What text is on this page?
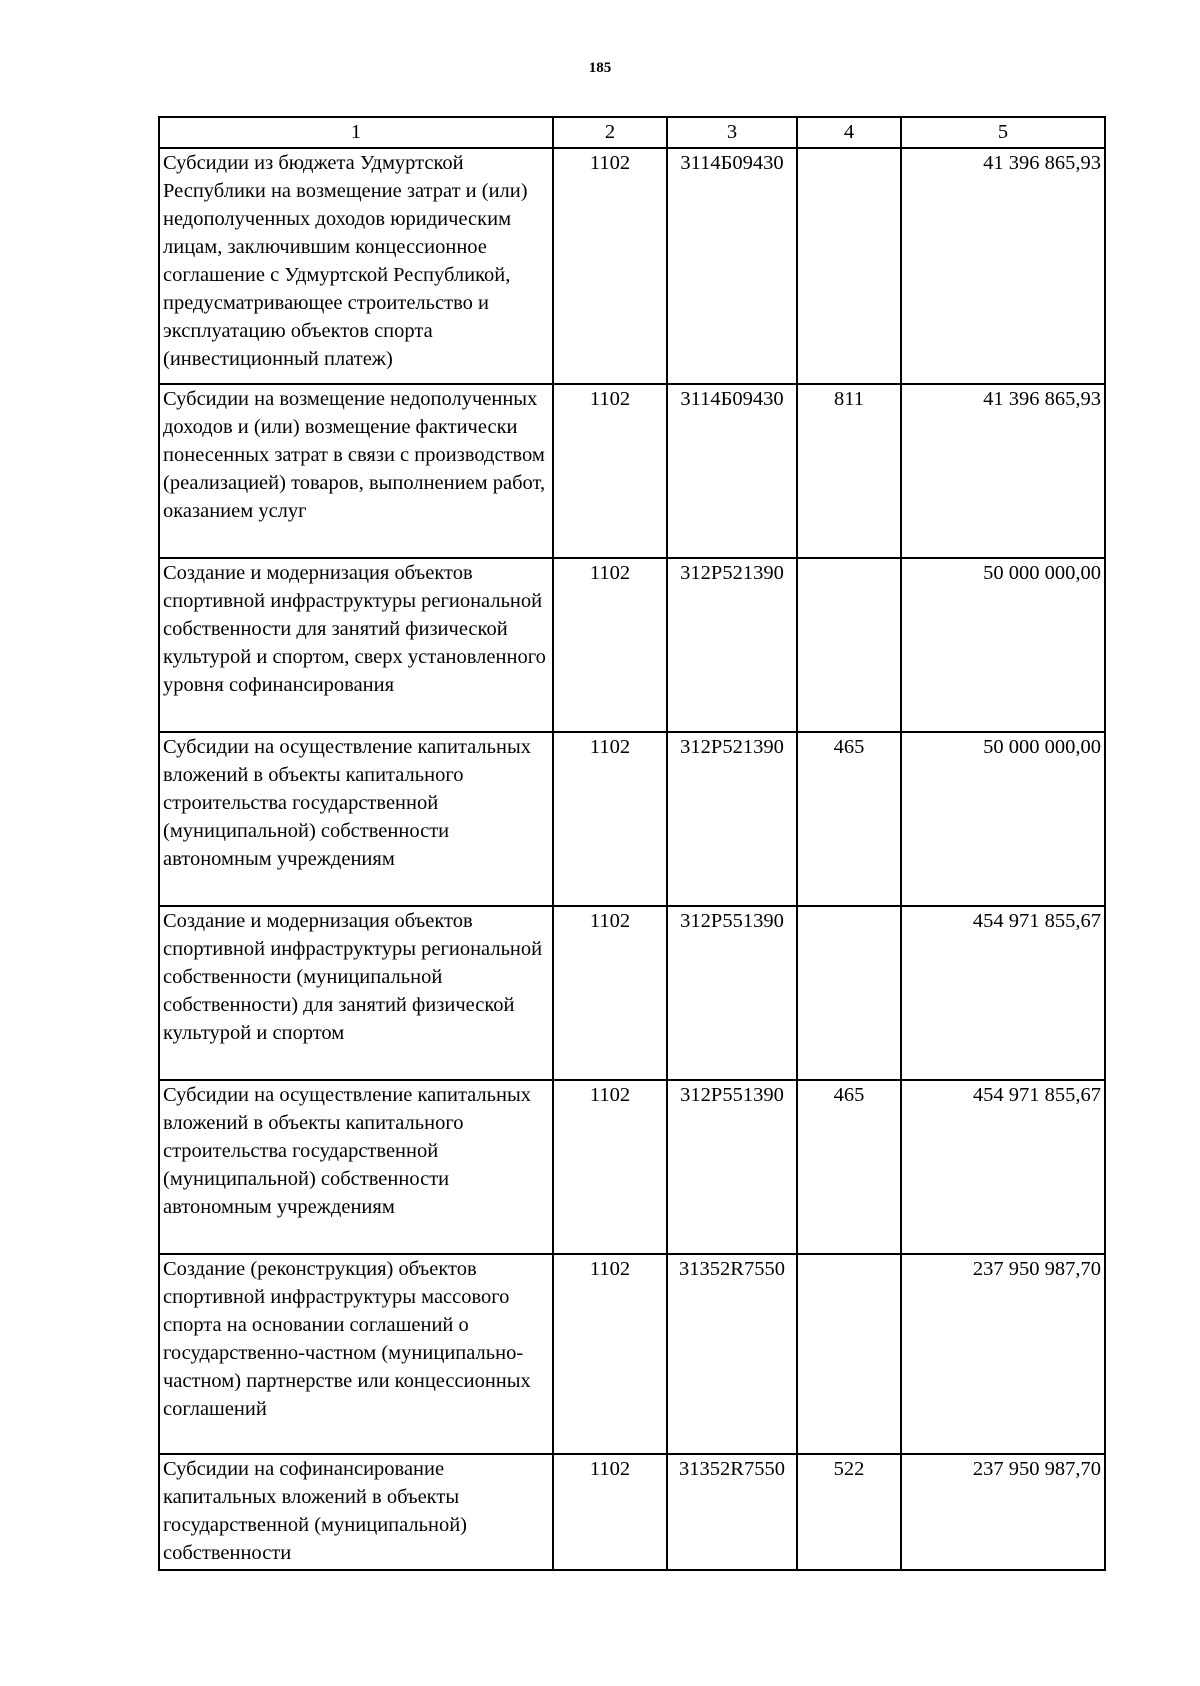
185
1	2	3	4	5
Субсидии из бюджета Удмуртской Республики на возмещение затрат и (или) недополученных доходов юридическим лицам, заключившим концессионное соглашение с Удмуртской Республикой, предусматривающее строительство и эксплуатацию объектов спорта (инвестиционный платеж)	1102	3114Б09430		41 396 865,93
Субсидии на возмещение недополученных доходов и (или) возмещение фактически понесенных затрат в связи с производством (реализацией) товаров, выполнением работ, оказанием услуг	1102	3114Б09430	811	41 396 865,93
Создание и модернизация объектов спортивной инфраструктуры региональной собственности для занятий физической культурой и спортом, сверх установленного уровня софинансирования	1102	312P521390		50 000 000,00
Субсидии на осуществление капитальных вложений в объекты капитального строительства государственной (муниципальной) собственности автономным учреждениям	1102	312P521390	465	50 000 000,00
Создание и модернизация объектов спортивной инфраструктуры региональной собственности (муниципальной собственности) для занятий физической культурой и спортом	1102	312P551390		454 971 855,67
Субсидии на осуществление капитальных вложений в объекты капитального строительства государственной (муниципальной) собственности автономным учреждениям	1102	312P551390	465	454 971 855,67
Создание (реконструкция) объектов спортивной инфраструктуры массового спорта на основании соглашений о государственно-частном (муниципально-частном) партнерстве или концессионных соглашений	1102	31352R7550		237 950 987,70
Субсидии на софинансирование капитальных вложений в объекты государственной (муниципальной) собственности	1102	31352R7550	522	237 950 987,70
